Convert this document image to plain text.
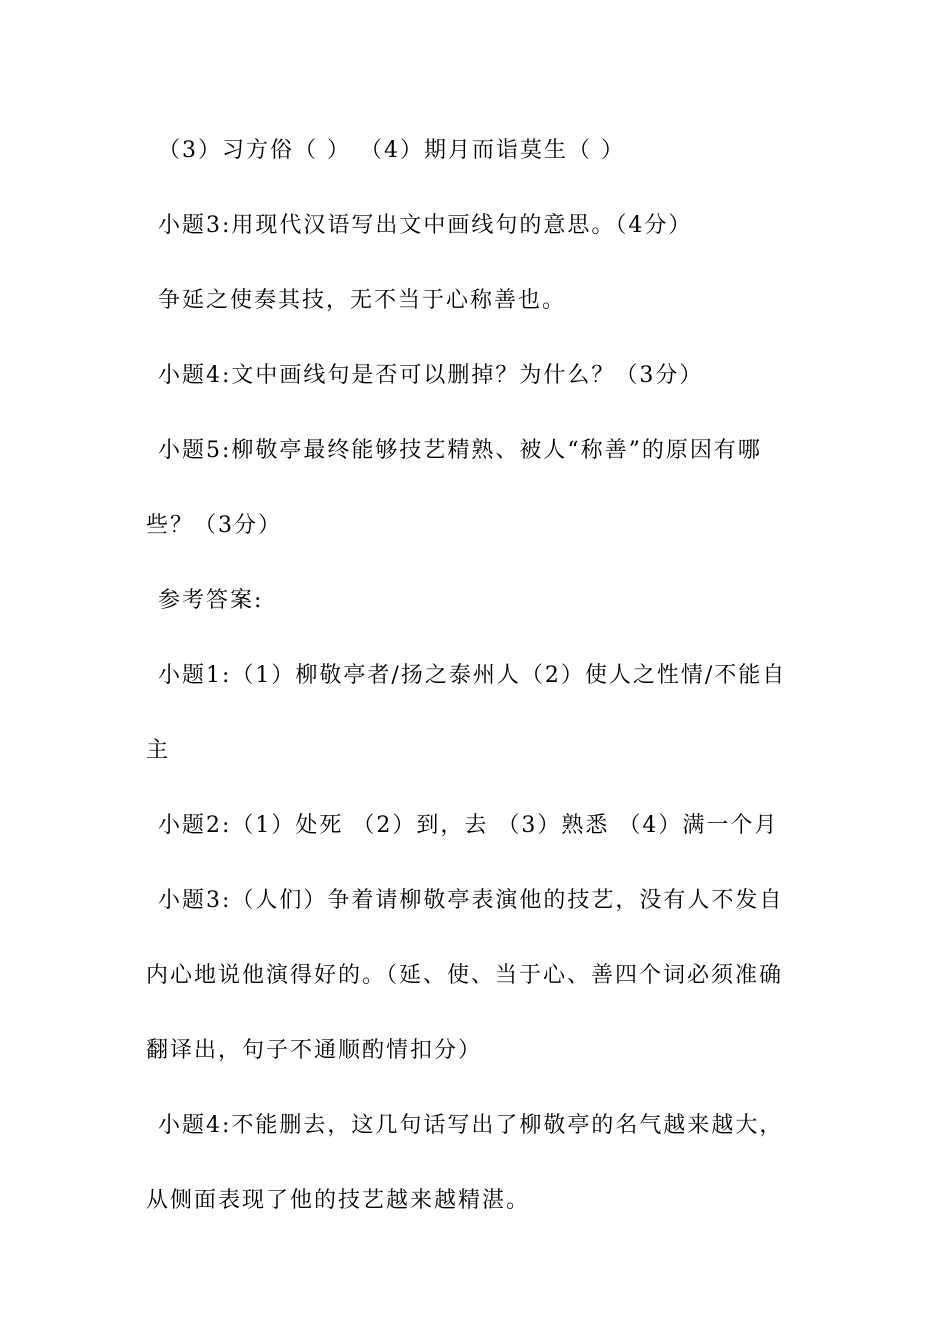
（3）习方俗（ ） （4）期月而诣莫生（ ）
小题3:用现代汉语写出文中画线句的意思。（4分）
争延之使奏其技，无不当于心称善也。
小题4:文中画线句是否可以删掉？为什么？（3分）
小题5:柳敬亭最终能够技艺精熟、被人“称善”的原因有哪
些？（3分）
参考答案:
小题1:（1）柳敬亭者/扬之泰州人（2）使人之性情/不能自
主
小题2:（1）处死 （2）到，去 （3）熟悉 （4）满一个月
小题3:（人们）争着请柳敬亭表演他的技艺，没有人不发自
内心地说他演得好的。（延、使、当于心、善四个词必须准确
翻译出，句子不通顺酌情扣分）
小题4:不能删去，这几句话写出了柳敬亭的名气越来越大，
从侧面表现了他的技艺越来越精湛。
